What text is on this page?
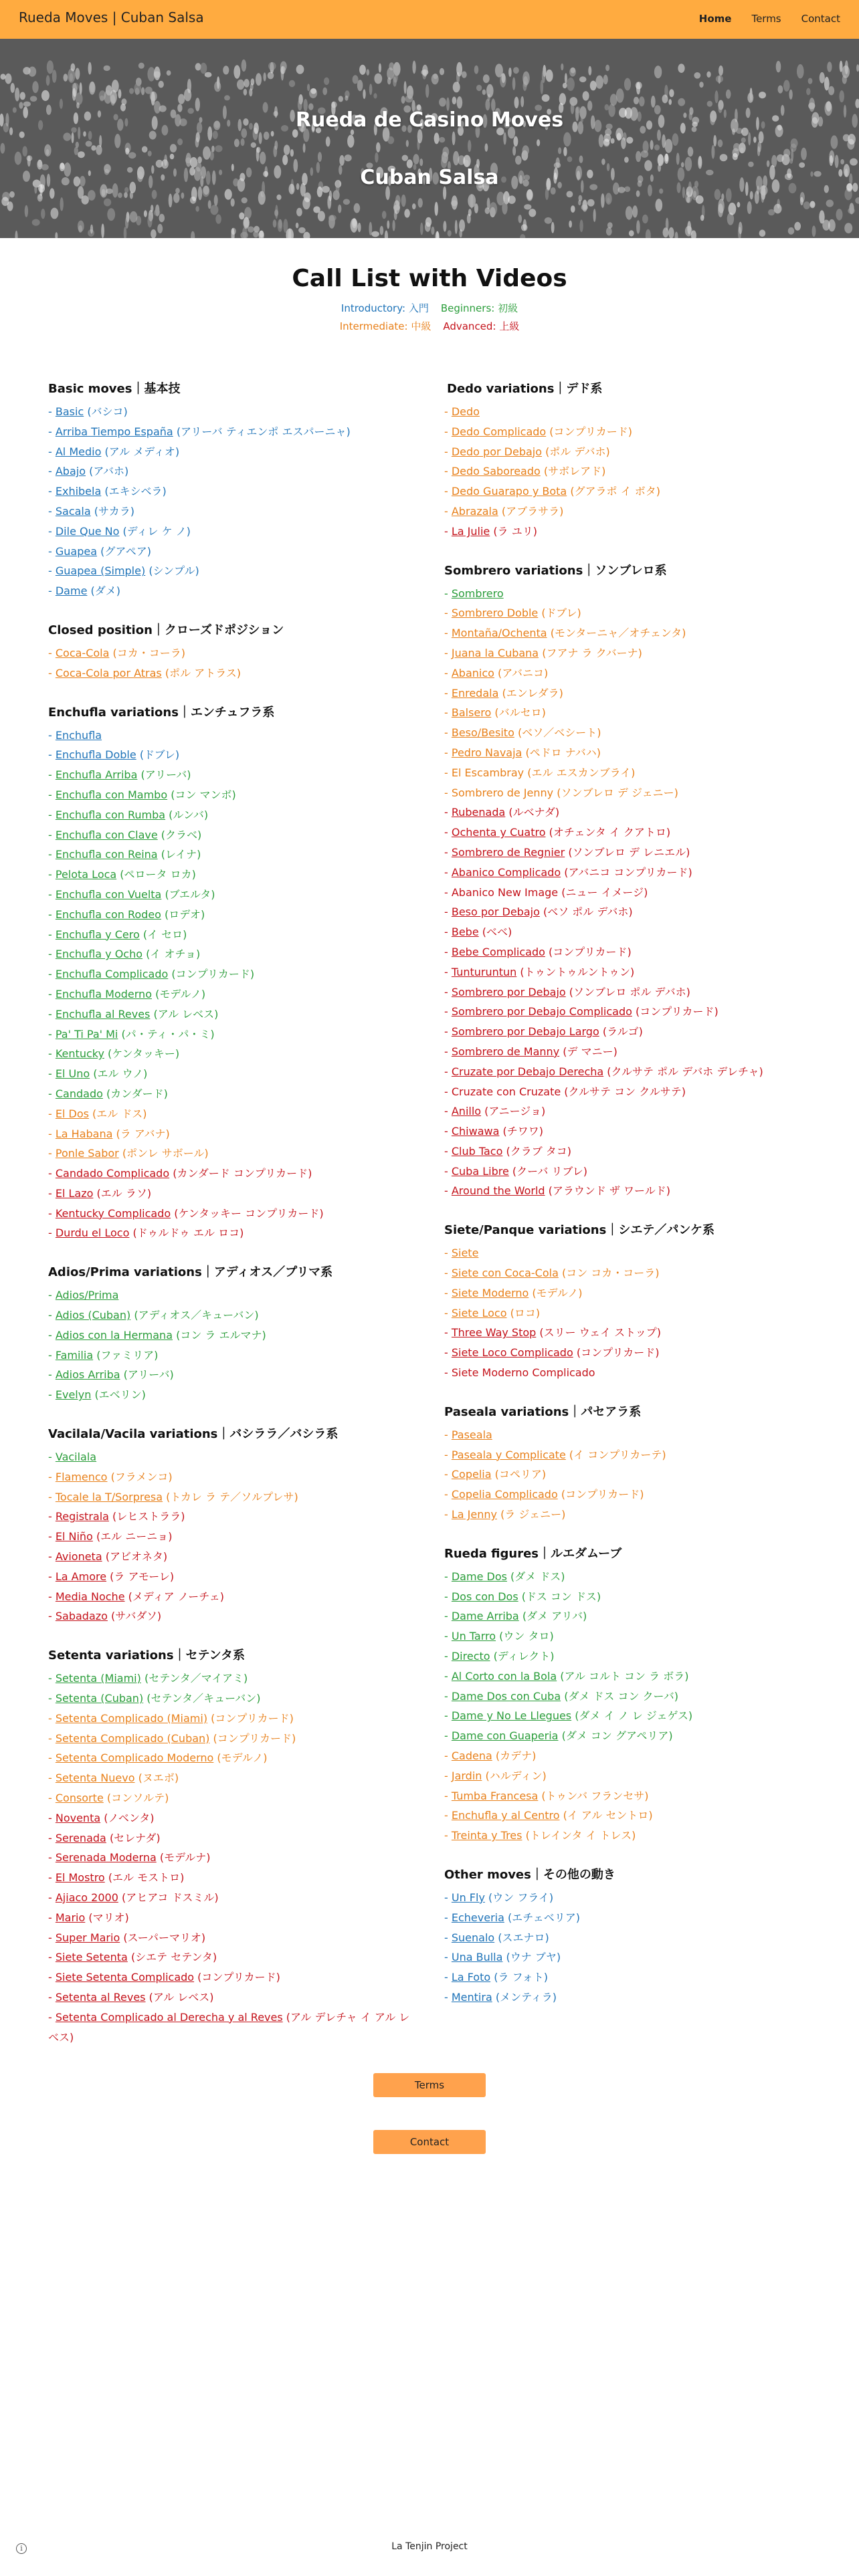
Rueda Moves | Cuban Salsa	Home Terms Contact
Rueda de Casino Moves
Cuban Salsa
Call List with Videos
Introductory: 入門 Beginners: 初級
Intermediate: 中級 Advanced: 上級
Basic moves｜基本技
- Basic (バシコ)
- Arriba Tiempo España (アリーバ ティエンポ エスパーニャ)
- Al Medio (アル メディオ)
- Abajo (アバホ)
- Exhibela (エキシベラ)
- Sacala (サカラ)
- Dile Que No (ディレ ケ ノ)
- Guapea (グアペア)
- Guapea (Simple) (シンプル)
- Dame (ダメ)
Closed position｜クローズドポジション
- Coca-Cola (コカ・コーラ)
- Coca-Cola por Atras (ポル アトラス)
Enchufla variations｜エンチュフラ系
- Enchufla
- Enchufla Doble (ドブレ)
- Enchufla Arriba (アリーバ)
- Enchufla con Mambo (コン マンボ)
- Enchufla con Rumba (ルンバ)
- Enchufla con Clave (クラベ)
- Enchufla con Reina (レイナ)
- Pelota Loca (ペロータ ロカ)
- Enchufla con Vuelta (ブエルタ)
- Enchufla con Rodeo (ロデオ)
- Enchufla y Cero (イ セロ)
- Enchufla y Ocho (イ オチョ)
- Enchufla Complicado (コンプリカード)
- Enchufla Moderno (モデルノ)
- Enchufla al Reves (アル レベス)
- Pa' Ti Pa' Mi (パ・ティ・パ・ミ)
- Kentucky (ケンタッキー)
- El Uno (エル ウノ)
- Candado (カンダード)
- El Dos (エル ドス)
- La Habana (ラ アバナ)
- Ponle Sabor (ポンレ サボール)
- Candado Complicado (カンダード コンプリカード)
- El Lazo (エル ラソ)
- Kentucky Complicado (ケンタッキー コンプリカード)
- Durdu el Loco (ドゥルドゥ エル ロコ)
Adios/Prima variations｜アディオス／プリマ系
- Adios/Prima
- Adios (Cuban) (アディオス／キューバン)
- Adios con la Hermana (コン ラ エルマナ)
- Familia (ファミリア)
- Adios Arriba (アリーバ)
- Evelyn (エベリン)
Vacilala/Vacila variations｜バシララ／バシラ系
- Vacilala
- Flamenco (フラメンコ)
- Tocale la T/Sorpresa (トカレ ラ テ／ソルプレサ)
- Registrala (レヒストララ)
- El Niño (エル ニーニョ)
- Avioneta (アビオネタ)
- La Amore (ラ アモーレ)
- Media Noche (メディア ノーチェ)
- Sabadazo (サバダソ)
Setenta variations｜セテンタ系
- Setenta (Miami) (セテンタ／マイアミ)
- Setenta (Cuban) (セテンタ／キューバン)
- Setenta Complicado (Miami) (コンプリカード)
- Setenta Complicado (Cuban) (コンプリカード)
- Setenta Complicado Moderno (モデルノ)
- Setenta Nuevo (ヌエボ)
- Consorte (コンソルテ)
- Noventa (ノベンタ)
- Serenada (セレナダ)
- Serenada Moderna (モデルナ)
- El Mostro (エル モストロ)
- Ajiaco 2000 (アヒアコ ドスミル)
- Mario (マリオ)
- Super Mario (スーパーマリオ)
- Siete Setenta (シエテ セテンタ)
- Siete Setenta Complicado (コンプリカード)
- Setenta al Reves (アル レベス)
- Setenta Complicado al Derecha y al Reves (アル デレチャ イ アル レベス)
Dedo variations｜デド系
- Dedo
- Dedo Complicado (コンプリカード)
- Dedo por Debajo (ポル デバホ)
- Dedo Saboreado (サボレアド)
- Dedo Guarapo y Bota (グアラポ イ ボタ)
- Abrazala (アブラサラ)
- La Julie (ラ ユリ)
Sombrero variations｜ソンブレロ系
- Sombrero
- Sombrero Doble (ドブレ)
- Montaña/Ochenta (モンターニャ／オチェンタ)
- Juana la Cubana (フアナ ラ クバーナ)
- Abanico (アバニコ)
- Enredala (エンレダラ)
- Balsero (バルセロ)
- Beso/Besito (ベソ／ベシート)
- Pedro Navaja (ペドロ ナバハ)
- El Escambray (エル エスカンブライ)
- Sombrero de Jenny (ソンブレロ デ ジェニー)
- Rubenada (ルベナダ)
- Ochenta y Cuatro (オチェンタ イ クアトロ)
- Sombrero de Regnier (ソンブレロ デ レニエル)
- Abanico Complicado (アバニコ コンプリカード)
- Abanico New Image (ニュー イメージ)
- Beso por Debajo (ベソ ポル デバホ)
- Bebe (ベベ)
- Bebe Complicado (コンプリカード)
- Tunturuntun (トゥントゥルントゥン)
- Sombrero por Debajo (ソンブレロ ポル デバホ)
- Sombrero por Debajo Complicado (コンプリカード)
- Sombrero por Debajo Largo (ラルゴ)
- Sombrero de Manny (デ マニー)
- Cruzate por Debajo Derecha (クルサテ ポル デバホ デレチャ)
- Cruzate con Cruzate (クルサテ コン クルサテ)
- Anillo (アニージョ)
- Chiwawa (チワワ)
- Club Taco (クラブ タコ)
- Cuba Libre (クーバ リブレ)
- Around the World (アラウンド ザ ワールド)
Siete/Panque variations｜シエテ／パンケ系
- Siete
- Siete con Coca-Cola (コン コカ・コーラ)
- Siete Moderno (モデルノ)
- Siete Loco (ロコ)
- Three Way Stop (スリー ウェイ ストップ)
- Siete Loco Complicado (コンプリカード)
- Siete Moderno Complicado
Paseala variations｜パセアラ系
- Paseala
- Paseala y Complicate (イ コンプリカーテ)
- Copelia (コペリア)
- Copelia Complicado (コンプリカード)
- La Jenny (ラ ジェニー)
Rueda figures｜ルエダムーブ
- Dame Dos (ダメ ドス)
- Dos con Dos (ドス コン ドス)
- Dame Arriba (ダメ アリバ)
- Un Tarro (ウン タロ)
- Directo (ディレクト)
- Al Corto con la Bola (アル コルト コン ラ ボラ)
- Dame Dos con Cuba (ダメ ドス コン クーバ)
- Dame y No Le Llegues (ダメ イ ノ レ ジェゲス)
- Dame con Guaperia (ダメ コン グアペリア)
- Cadena (カデナ)
- Jardin (ハルディン)
- Tumba Francesa (トゥンバ フランセサ)
- Enchufla y al Centro (イ アル セントロ)
- Treinta y Tres (トレインタ イ トレス)
Other moves｜その他の動き
- Un Fly (ウン フライ)
- Echeveria (エチェベリア)
- Suenalo (スエナロ)
- Una Bulla (ウナ ブヤ)
- La Foto (ラ フォト)
- Mentira (メンティラ)
Terms
Contact
i	La Tenjin Project
